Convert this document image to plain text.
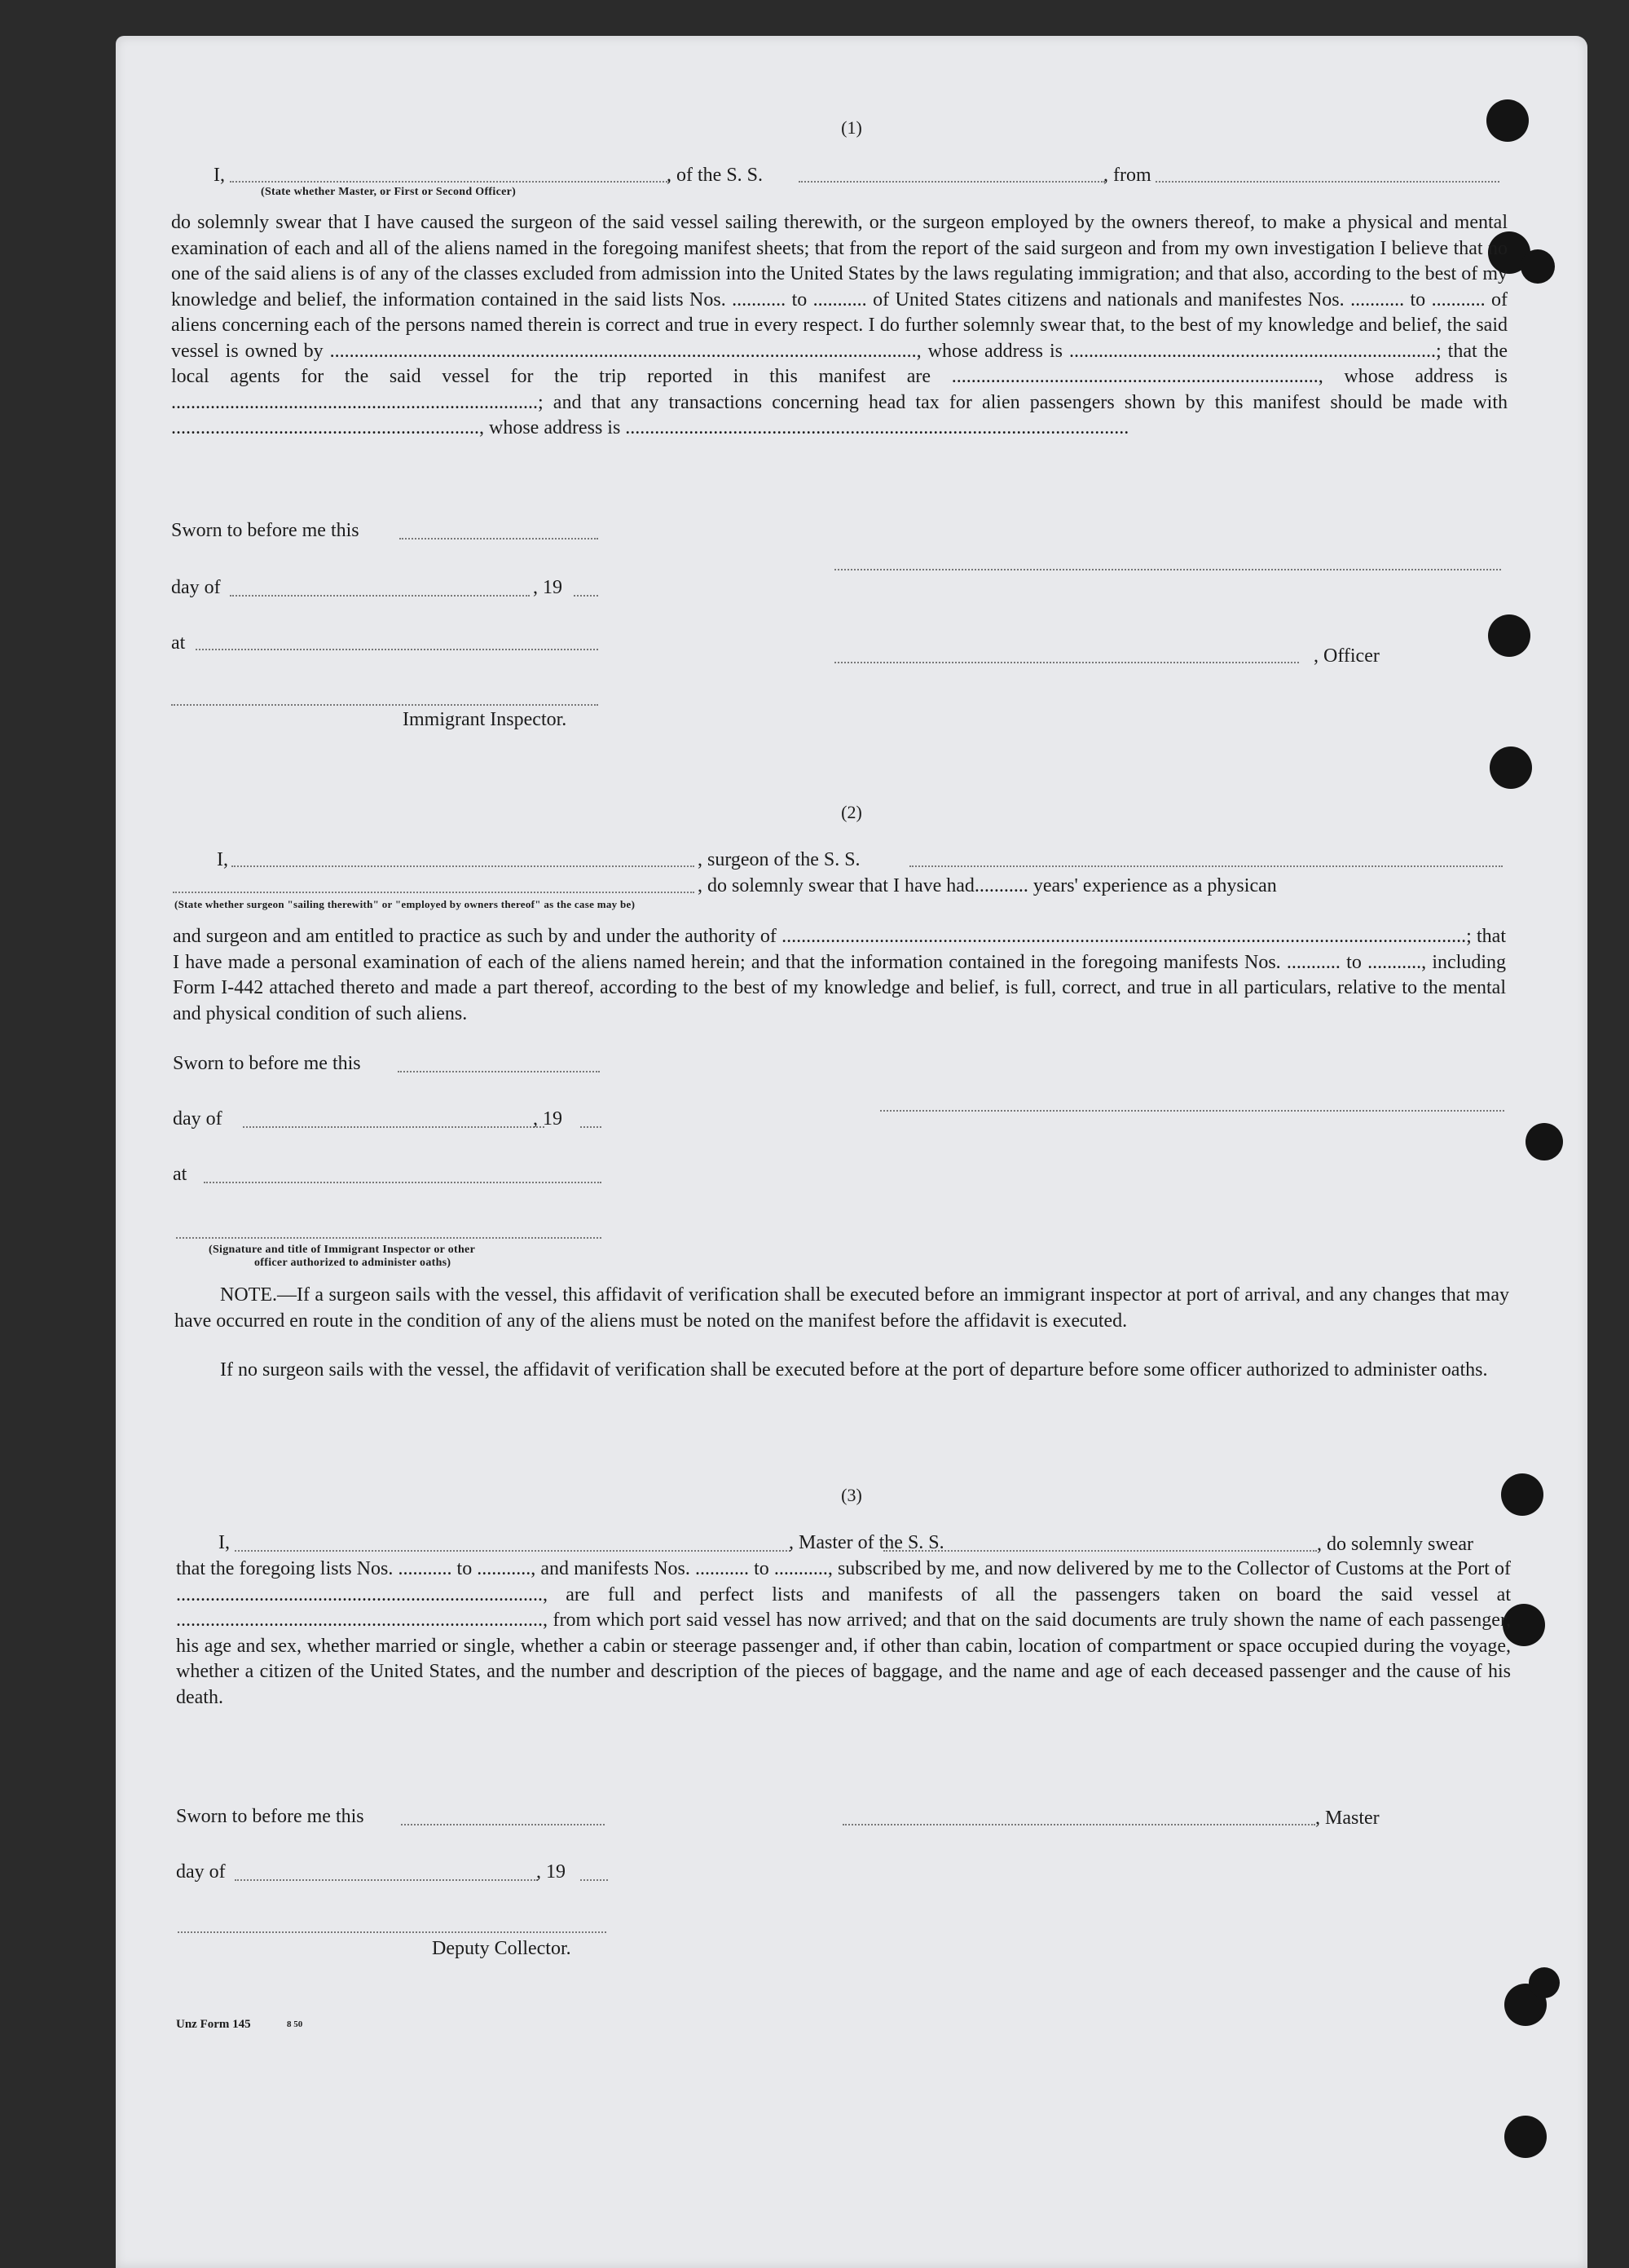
(1)
I,
(State whether Master, or First or Second Officer)
, of the S. S.	, from
do solemnly swear that I have caused the surgeon of the said vessel sailing therewith, or the surgeon employed by the owners thereof, to make a physical and mental examination of each and all of the aliens named in the foregoing manifest sheets; that from the report of the said surgeon and from my own investigation I believe that no one of the said aliens is of any of the classes excluded from admission into the United States by the laws regulating immigration; and that also, according to the best of my knowledge and belief, the information contained in the said lists Nos. ........... to ........... of United States citizens and nationals and manifestes Nos. ........... to ........... of aliens concerning each of the persons named therein is correct and true in every respect. I do further solemnly swear that, to the best of my knowledge and belief, the said vessel is owned by ........................................................................................................................, whose address is ...........................................................................; that the local agents for the said vessel for the trip reported in this manifest are ..........................................................................., whose address is ...........................................................................; and that any transactions concerning head tax for alien passengers shown by this manifest should be made with ..............................................................., whose address is .......................................................................................................
Sworn to before me this
day of	, 19
at
, Officer
Immigrant Inspector.
(2)
I,	, surgeon of the S. S.
, do solemnly swear that I have had........... years' experience as a physican
(State whether surgeon "sailing therewith" or "employed by owners thereof" as the case may be)
and surgeon and am entitled to practice as such by and under the authority of ............................................................................................................................................; that I have made a personal examination of each of the aliens named herein; and that the information contained in the foregoing manifests Nos. ........... to ..........., including Form I-442 attached thereto and made a part thereof, according to the best of my knowledge and belief, is full, correct, and true in all particulars, relative to the mental and physical condition of such aliens.
Sworn to before me this
day of	, 19
at
(Signature and title of Immigrant Inspector or other
officer authorized to administer oaths)
NOTE.—If a surgeon sails with the vessel, this affidavit of verification shall be executed before an immigrant inspector at port of arrival, and any changes that may have occurred en route in the condition of any of the aliens must be noted on the manifest before the affidavit is executed.
If no surgeon sails with the vessel, the affidavit of verification shall be executed before at the port of departure before some officer authorized to administer oaths.
(3)
I,	, Master of the S. S.	, do solemnly swear
that the foregoing lists Nos. ........... to ..........., and manifests Nos. ........... to ..........., subscribed by me, and now delivered by me to the Collector of Customs at the Port of ..........................................................................., are full and perfect lists and manifests of all the passengers taken on board the said vessel at ..........................................................................., from which port said vessel has now arrived; and that on the said documents are truly shown the name of each passenger, his age and sex, whether married or single, whether a cabin or steerage passenger and, if other than cabin, location of compartment or space occupied during the voyage, whether a citizen of the United States, and the number and description of the pieces of baggage, and the name and age of each deceased passenger and the cause of his death.
Sworn to before me this	, Master
day of	, 19
Deputy Collector.
Unz Form 145	8 50
